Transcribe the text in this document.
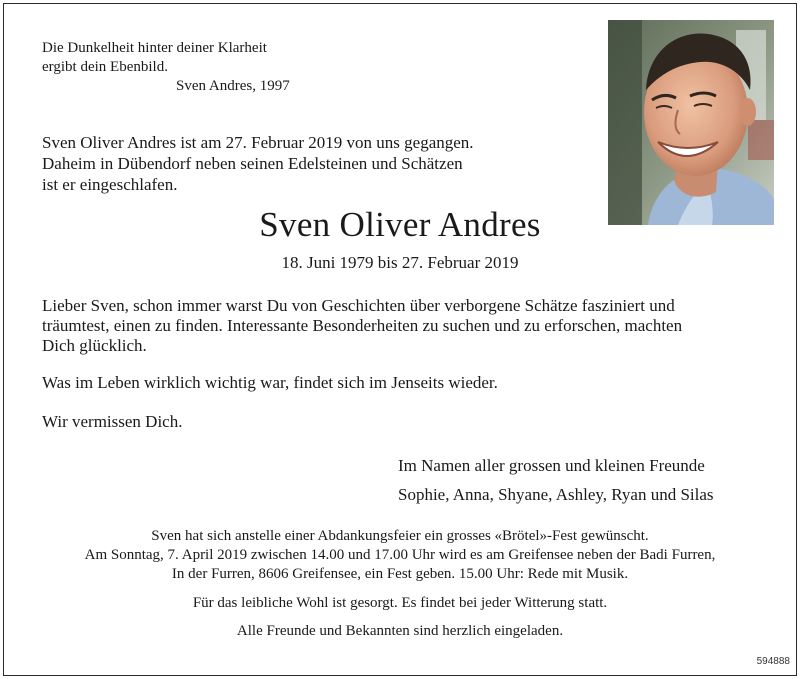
Die Dunkelheit hinter deiner Klarheit
ergibt dein Ebenbild.
Sven Andres, 1997
Sven Oliver Andres ist am 27. Februar 2019 von uns gegangen.
Daheim in Dübendorf neben seinen Edelsteinen und Schätzen
ist er eingeschlafen.
Sven Oliver Andres
18. Juni 1979 bis 27. Februar 2019
Lieber Sven, schon immer warst Du von Geschichten über verborgene Schätze fasziniert und
träumtest, einen zu finden. Interessante Besonderheiten zu suchen und zu erforschen, machten
Dich glücklich.
Was im Leben wirklich wichtig war, findet sich im Jenseits wieder.
Wir vermissen Dich.
Im Namen aller grossen und kleinen Freunde
Sophie, Anna, Shyane, Ashley, Ryan und Silas
Sven hat sich anstelle einer Abdankungsfeier ein grosses «Brötel»-Fest gewünscht.
Am Sonntag, 7. April 2019 zwischen 14.00 und 17.00 Uhr wird es am Greifensee neben der Badi Furren,
In der Furren, 8606 Greifensee, ein Fest geben. 15.00 Uhr: Rede mit Musik.
Für das leibliche Wohl ist gesorgt. Es findet bei jeder Witterung statt.
Alle Freunde und Bekannten sind herzlich eingeladen.
594888
